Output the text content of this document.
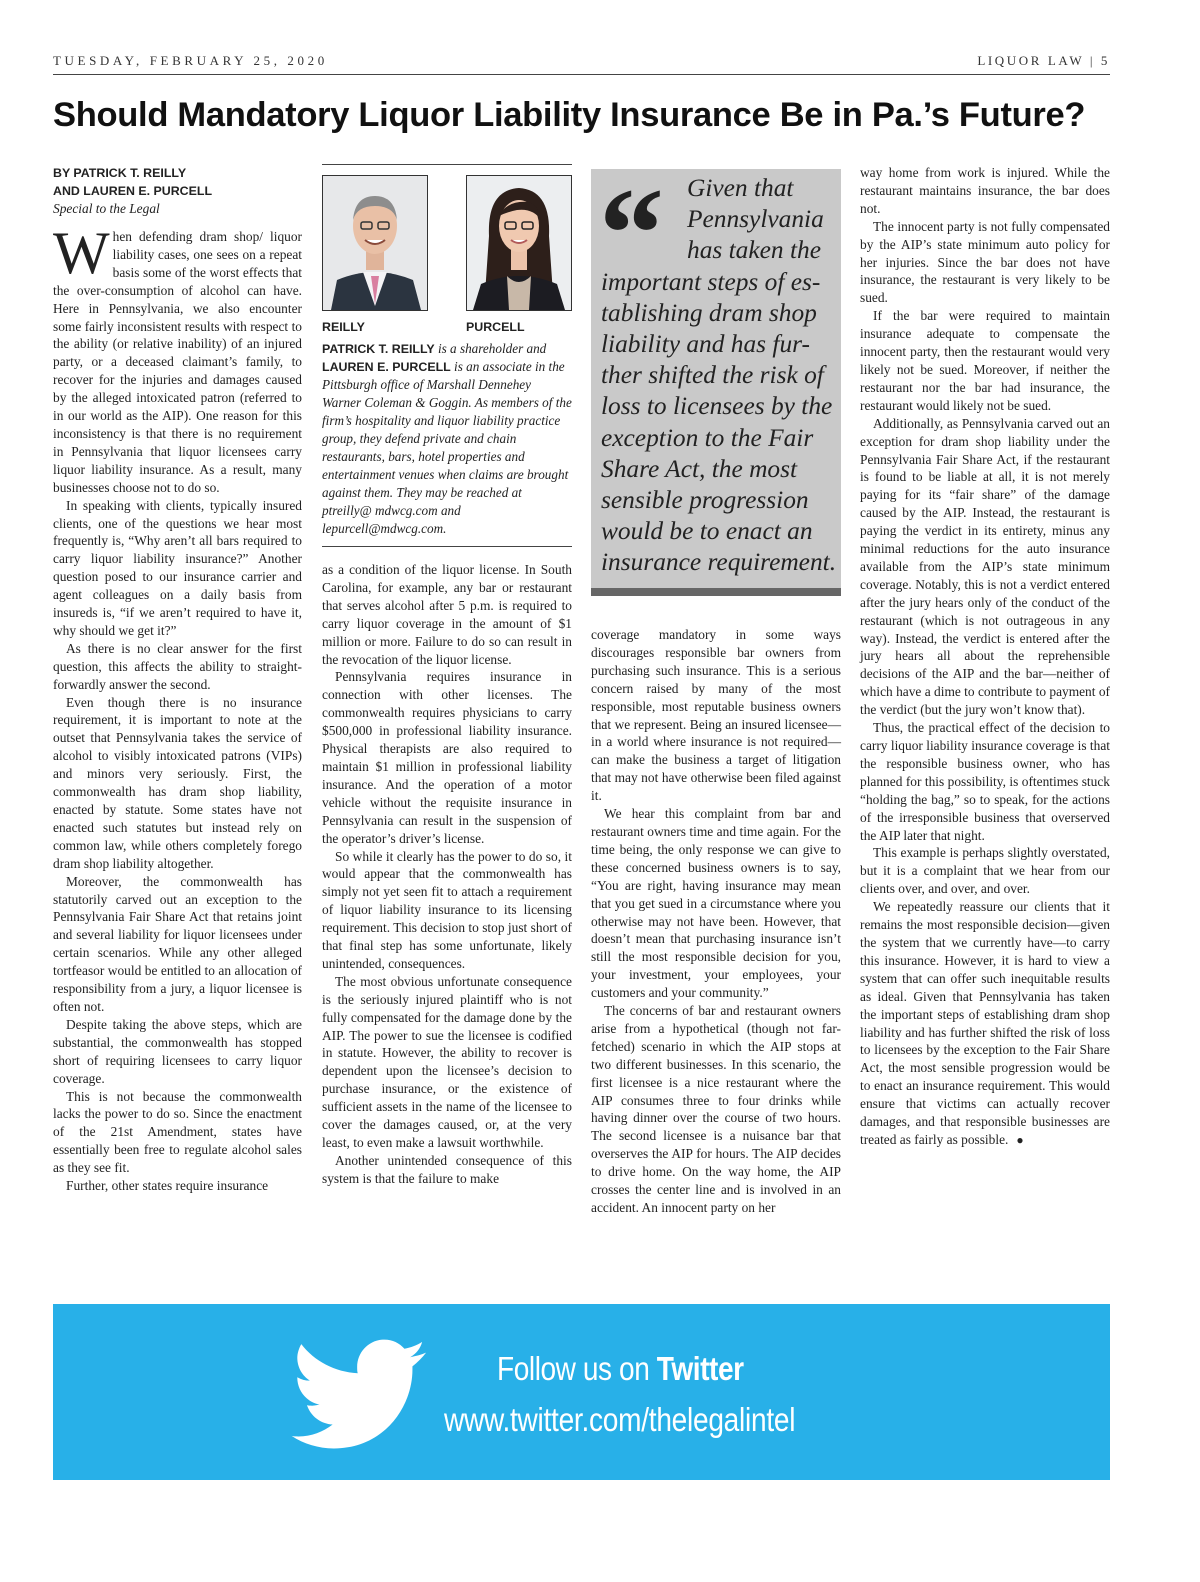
TUESDAY, FEBRUARY 25, 2020	LIQUOR LAW | 5
Should Mandatory Liquor Liability Insurance Be in Pa.’s Future?
BY PATRICK T. REILLY
AND LAUREN E. PURCELL
Special to the Legal

When defending dram shop/ liquor liability cases, one sees on a repeat basis some of the worst effects that the over-consumption of alcohol can have. Here in Pennsylvania, we also encounter some fairly inconsistent results with respect to the ability (or relative inability) of an injured party, or a deceased claimant’s family, to recover for the injuries and damages caused by the alleged intoxicated patron (referred to in our world as the AIP). One reason for this inconsistency is that there is no requirement in Pennsylvania that liquor licensees carry liquor liability insurance. As a result, many businesses choose not to do so.

In speaking with clients, typically insured clients, one of the questions we hear most frequently is, “Why aren’t all bars required to carry liquor liability insurance?” Another question posed to our insurance carrier and agent colleagues on a daily basis from insureds is, “if we aren’t required to have it, why should we get it?”

As there is no clear answer for the first question, this affects the ability to straight-forwardly answer the second.

Even though there is no insurance requirement, it is important to note at the outset that Pennsylvania takes the service of alcohol to visibly intoxicated patrons (VIPs) and minors very seriously. First, the commonwealth has dram shop liability, enacted by statute. Some states have not enacted such statutes but instead rely on common law, while others completely forego dram shop liability altogether.

Moreover, the commonwealth has statutorily carved out an exception to the Pennsylvania Fair Share Act that retains joint and several liability for liquor licensees under certain scenarios. While any other alleged tortfeasor would be entitled to an allocation of responsibility from a jury, a liquor licensee is often not.

Despite taking the above steps, which are substantial, the commonwealth has stopped short of requiring licensees to carry liquor coverage.

This is not because the commonwealth lacks the power to do so. Since the enactment of the 21st Amendment, states have essentially been free to regulate alcohol sales as they see fit.

Further, other states require insurance

REILLY	PURCELL
PATRICK T. REILLY is a shareholder and LAUREN E. PURCELL is an associate in the Pittsburgh office of Marshall Dennehey Warner Coleman & Goggin. As members of the firm’s hospitality and liquor liability practice group, they defend private and chain restaurants, bars, hotel properties and entertainment venues when claims are brought against them. They may be reached at ptreilly@ mdwcg.com and lepurcell@mdwcg.com.

as a condition of the liquor license. In South Carolina, for example, any bar or restaurant that serves alcohol after 5 p.m. is required to carry liquor coverage in the amount of $1 million or more. Failure to do so can result in the revocation of the liquor license.

Pennsylvania requires insurance in connection with other licenses. The commonwealth requires physicians to carry $500,000 in professional liability insurance. Physical therapists are also required to maintain $1 million in professional liability insurance. And the operation of a motor vehicle without the requisite insurance in Pennsylvania can result in the suspension of the operator’s driver’s license.

So while it clearly has the power to do so, it would appear that the commonwealth has simply not yet seen fit to attach a requirement of liquor liability insurance to its licensing requirement. This decision to stop just short of that final step has some unfortunate, likely unintended, consequences.

The most obvious unfortunate consequence is the seriously injured plaintiff who is not fully compensated for the damage done by the AIP. The power to sue the licensee is codified in statute. However, the ability to recover is dependent upon the licensee’s decision to purchase insurance, or the existence of sufficient assets in the name of the licensee to cover the damages caused, or, at the very least, to even make a lawsuit worthwhile.

Another unintended consequence of this system is that the failure to make

“ Given that
Pennsylvania
has taken the
important steps of es-
tablishing dram shop
liability and has fur-
ther shifted the risk of
loss to licensees by the
exception to the Fair
Share Act, the most
sensible progression
would be to enact an
insurance requirement.

coverage mandatory in some ways discourages responsible bar owners from purchasing such insurance. This is a serious concern raised by many of the most responsible, most reputable business owners that we represent. Being an insured licensee—in a world where insurance is not required—can make the business a target of litigation that may not have otherwise been filed against it.

We hear this complaint from bar and restaurant owners time and time again. For the time being, the only response we can give to these concerned business owners is to say, “You are right, having insurance may mean that you get sued in a circumstance where you otherwise may not have been. However, that doesn’t mean that purchasing insurance isn’t still the most responsible decision for you, your investment, your employees, your customers and your community.”

The concerns of bar and restaurant owners arise from a hypothetical (though not far-fetched) scenario in which the AIP stops at two different businesses. In this scenario, the first licensee is a nice restaurant where the AIP consumes three to four drinks while having dinner over the course of two hours. The second licensee is a nuisance bar that overserves the AIP for hours. The AIP decides to drive home. On the way home, the AIP crosses the center line and is involved in an accident. An innocent party on her

way home from work is injured. While the restaurant maintains insurance, the bar does not.

The innocent party is not fully compensated by the AIP’s state minimum auto policy for her injuries. Since the bar does not have insurance, the restaurant is very likely to be sued.

If the bar were required to maintain insurance adequate to compensate the innocent party, then the restaurant would very likely not be sued. Moreover, if neither the restaurant nor the bar had insurance, the restaurant would likely not be sued.

Additionally, as Pennsylvania carved out an exception for dram shop liability under the Pennsylvania Fair Share Act, if the restaurant is found to be liable at all, it is not merely paying for its “fair share” of the damage caused by the AIP. Instead, the restaurant is paying the verdict in its entirety, minus any minimal reductions for the auto insurance available from the AIP’s state minimum coverage. Notably, this is not a verdict entered after the jury hears only of the conduct of the restaurant (which is not outrageous in any way). Instead, the verdict is entered after the jury hears all about the reprehensible decisions of the AIP and the bar—neither of which have a dime to contribute to payment of the verdict (but the jury won’t know that).

Thus, the practical effect of the decision to carry liquor liability insurance coverage is that the responsible business owner, who has planned for this possibility, is oftentimes stuck “holding the bag,” so to speak, for the actions of the irresponsible business that overserved the AIP later that night.

This example is perhaps slightly overstated, but it is a complaint that we hear from our clients over, and over, and over.

We repeatedly reassure our clients that it remains the most responsible decision—given the system that we currently have—to carry this insurance. However, it is hard to view a system that can offer such inequitable results as ideal. Given that Pennsylvania has taken the important steps of establishing dram shop liability and has further shifted the risk of loss to licensees by the exception to the Fair Share Act, the most sensible progression would be to enact an insurance requirement. This would ensure that victims can actually recover damages, and that responsible businesses are treated as fairly as possible. ●

Follow us on Twitter
www.twitter.com/thelegalintel
